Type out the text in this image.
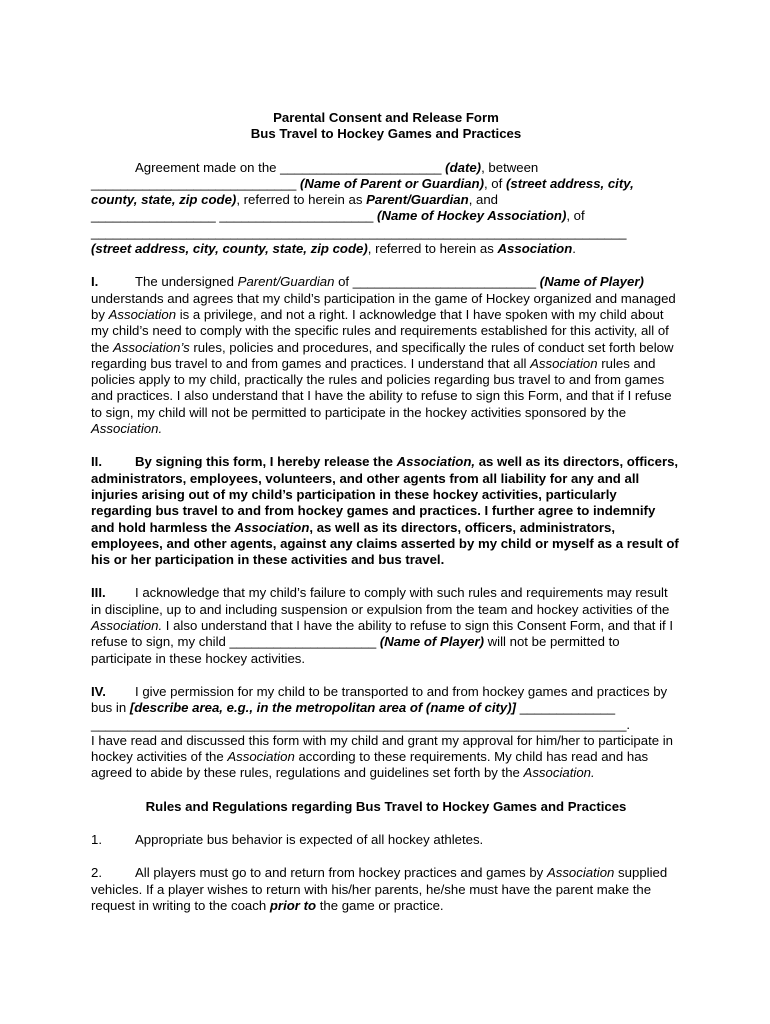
Parental Consent and Release Form
Bus Travel to Hockey Games and Practices
Agreement made on the ______________________ (date), between
____________________________ (Name of Parent or Guardian), of (street address, city, county, state, zip code), referred to herein as Parent/Guardian, and
_________________ _____________________ (Name of Hockey Association), of
_________________________________________________________________________
(street address, city, county, state, zip code), referred to herein as Association.
I.	The undersigned Parent/Guardian of _________________________ (Name of Player) understands and agrees that my child’s participation in the game of Hockey organized and managed by Association is a privilege, and not a right. I acknowledge that I have spoken with my child about my child’s need to comply with the specific rules and requirements established for this activity, all of the Association’s rules, policies and procedures, and specifically the rules of conduct set forth below regarding bus travel to and from games and practices. I understand that all Association rules and policies apply to my child, practically the rules and policies regarding bus travel to and from games and practices. I also understand that I have the ability to refuse to sign this Form, and that if I refuse to sign, my child will not be permitted to participate in the hockey activities sponsored by the Association.
II.	By signing this form, I hereby release the Association, as well as its directors, officers, administrators, employees, volunteers, and other agents from all liability for any and all injuries arising out of my child’s participation in these hockey activities, particularly regarding bus travel to and from hockey games and practices. I further agree to indemnify and hold harmless the Association, as well as its directors, officers, administrators, employees, and other agents, against any claims asserted by my child or myself as a result of his or her participation in these activities and bus travel.
III. I acknowledge that my child’s failure to comply with such rules and requirements may result in discipline, up to and including suspension or expulsion from the team and hockey activities of the Association. I also understand that I have the ability to refuse to sign this Consent Form, and that if I refuse to sign, my child ____________________ (Name of Player) will not be permitted to participate in these hockey activities.
IV. I give permission for my child to be transported to and from hockey games and practices by bus in [describe area, e.g., in the metropolitan area of (name of city)] _____________
_________________________________________________________________________.
I have read and discussed this form with my child and grant my approval for him/her to participate in hockey activities of the Association according to these requirements. My child has read and has agreed to abide by these rules, regulations and guidelines set forth by the Association.
Rules and Regulations regarding Bus Travel to Hockey Games and Practices
1.	Appropriate bus behavior is expected of all hockey athletes.
2.	All players must go to and return from hockey practices and games by Association supplied vehicles. If a player wishes to return with his/her parents, he/she must have the parent make the request in writing to the coach prior to the game or practice.
